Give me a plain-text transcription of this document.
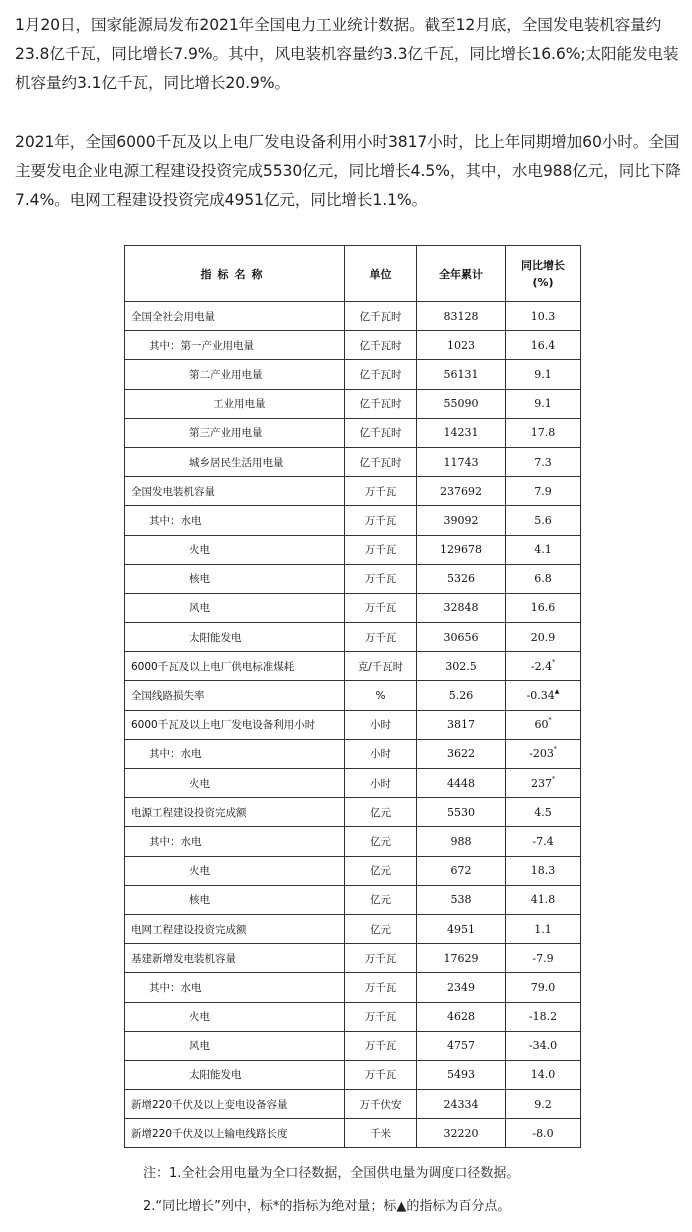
1月20日，国家能源局发布2021年全国电力工业统计数据。截至12月底，全国发电装机容量约23.8亿千瓦，同比增长7.9%。其中，风电装机容量约3.3亿千瓦，同比增长16.6%;太阳能发电装机容量约3.1亿千瓦，同比增长20.9%。

2021年，全国6000千瓦及以上电厂发电设备利用小时3817小时，比上年同期增加60小时。全国主要发电企业电源工程建设投资完成5530亿元，同比增长4.5%，其中，水电988亿元，同比下降7.4%。电网工程建设投资完成4951亿元，同比增长1.1%。

指标名称	单位	全年累计	同比增长
(%)
全国全社会用电量	亿千瓦时	83128	10.3
其中：第一产业用电量	亿千瓦时	1023	16.4
第二产业用电量	亿千瓦时	56131	9.1
工业用电量	亿千瓦时	55090	9.1
第三产业用电量	亿千瓦时	14231	17.8
城乡居民生活用电量	亿千瓦时	11743	7.3
全国发电装机容量	万千瓦	237692	7.9
其中：水电	万千瓦	39092	5.6
火电	万千瓦	129678	4.1
核电	万千瓦	5326	6.8
风电	万千瓦	32848	16.6
太阳能发电	万千瓦	30656	20.9
6000千瓦及以上电厂供电标准煤耗	克/千瓦时	302.5	-2.4*
全国线路损失率	%	5.26	-0.34▲
6000千瓦及以上电厂发电设备利用小时	小时	3817	60*
其中：水电	小时	3622	-203*
火电	小时	4448	237*
电源工程建设投资完成额	亿元	5530	4.5
其中：水电	亿元	988	-7.4
火电	亿元	672	18.3
核电	亿元	538	41.8
电网工程建设投资完成额	亿元	4951	1.1
基建新增发电装机容量	万千瓦	17629	-7.9
其中：水电	万千瓦	2349	79.0
火电	万千瓦	4628	-18.2
风电	万千瓦	4757	-34.0
太阳能发电	万千瓦	5493	14.0
新增220千伏及以上变电设备容量	万千伏安	24334	9.2
新增220千伏及以上输电线路长度	千米	32220	-8.0

注：1.全社会用电量为全口径数据，全国供电量为调度口径数据。

2.“同比增长”列中，标*的指标为绝对量；标▲的指标为百分点。
